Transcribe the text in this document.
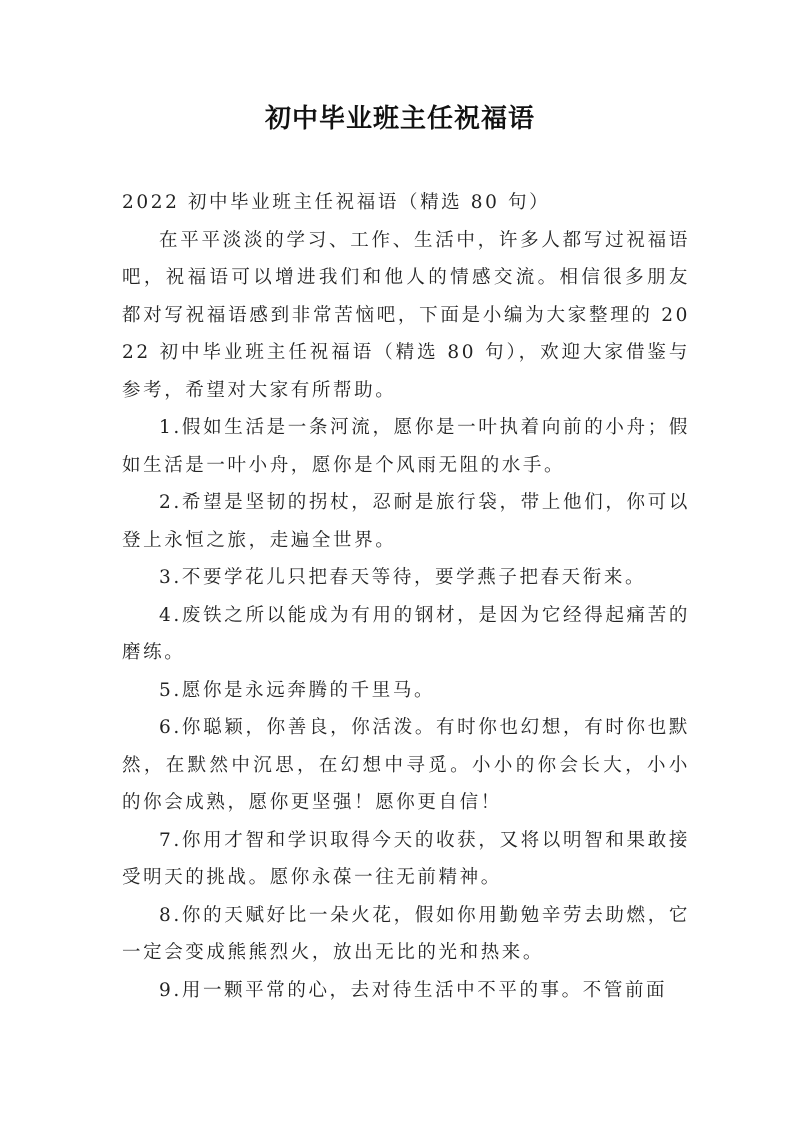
初中毕业班主任祝福语

2022 初中毕业班主任祝福语（精选 80 句）

在平平淡淡的学习、工作、生活中，许多人都写过祝福语吧，祝福语可以增进我们和他人的情感交流。相信很多朋友都对写祝福语感到非常苦恼吧，下面是小编为大家整理的 2022 初中毕业班主任祝福语（精选 80 句），欢迎大家借鉴与参考，希望对大家有所帮助。

1.假如生活是一条河流，愿你是一叶执着向前的小舟；假如生活是一叶小舟，愿你是个风雨无阻的水手。

2.希望是坚韧的拐杖，忍耐是旅行袋，带上他们，你可以登上永恒之旅，走遍全世界。

3.不要学花儿只把春天等待，要学燕子把春天衔来。

4.废铁之所以能成为有用的钢材，是因为它经得起痛苦的磨练。

5.愿你是永远奔腾的千里马。

6.你聪颖，你善良，你活泼。有时你也幻想，有时你也默然，在默然中沉思，在幻想中寻觅。小小的你会长大，小小的你会成熟，愿你更坚强！愿你更自信！

7.你用才智和学识取得今天的收获，又将以明智和果敢接受明天的挑战。愿你永葆一往无前精神。

8.你的天赋好比一朵火花，假如你用勤勉辛劳去助燃，它一定会变成熊熊烈火，放出无比的光和热来。

9.用一颗平常的心，去对待生活中不平的事。不管前面
